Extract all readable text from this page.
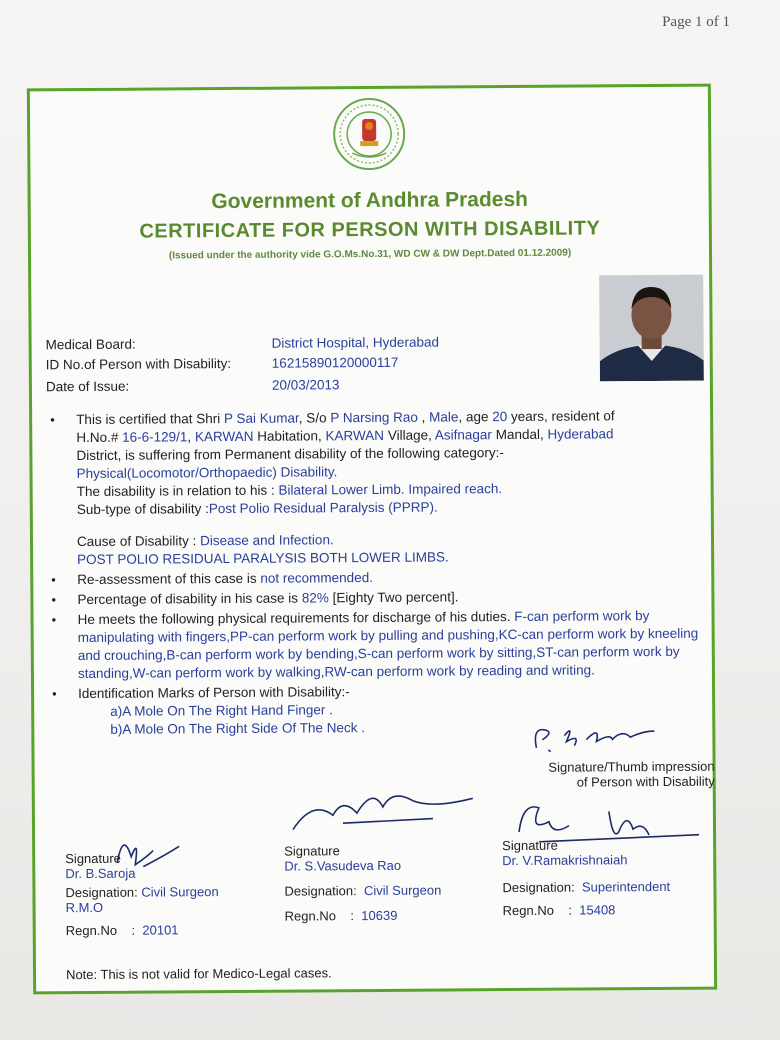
Page 1 of 1
Government of Andhra Pradesh
CERTIFICATE FOR PERSON WITH DISABILITY
(Issued under the authority vide G.O.Ms.No.31, WD CW & DW Dept.Dated 01.12.2009)
Medical Board:	District Hospital, Hyderabad
ID No.of Person with Disability:	16215890120000117
Date of Issue:	20/03/2013
• This is certified that Shri P Sai Kumar, S/o P Narsing Rao , Male, age 20 years, resident of
H.No.# 16-6-129/1, KARWAN Habitation, KARWAN Village, Asifnagar Mandal, Hyderabad
District, is suffering from Permanent disability of the following category:-
Physical(Locomotor/Orthopaedic) Disability.
The disability is in relation to his : Bilateral Lower Limb. Impaired reach.
Sub-type of disability :Post Polio Residual Paralysis (PPRP).
Cause of Disability : Disease and Infection.
POST POLIO RESIDUAL PARALYSIS BOTH LOWER LIMBS.
• Re-assessment of this case is not recommended.
• Percentage of disability in his case is 82% [Eighty Two percent].
• He meets the following physical requirements for discharge of his duties. F-can perform work by manipulating with fingers,PP-can perform work by pulling and pushing,KC-can perform work by kneeling and crouching,B-can perform work by bending,S-can perform work by sitting,ST-can perform work by standing,W-can perform work by walking,RW-can perform work by reading and writing.
• Identification Marks of Person with Disability:-
a)A Mole On The Right Hand Finger .
b)A Mole On The Right Side Of The Neck .
Signature/Thumb impression
of Person with Disability
Signature
Dr. B.Saroja
Designation: Civil Surgeon
R.M.O
Regn.No : 20101
Signature
Dr. S.Vasudeva Rao
Designation: Civil Surgeon
Regn.No : 10639
Signature
Dr. V.Ramakrishnaiah
Designation: Superintendent
Regn.No : 15408
Note: This is not valid for Medico-Legal cases.
